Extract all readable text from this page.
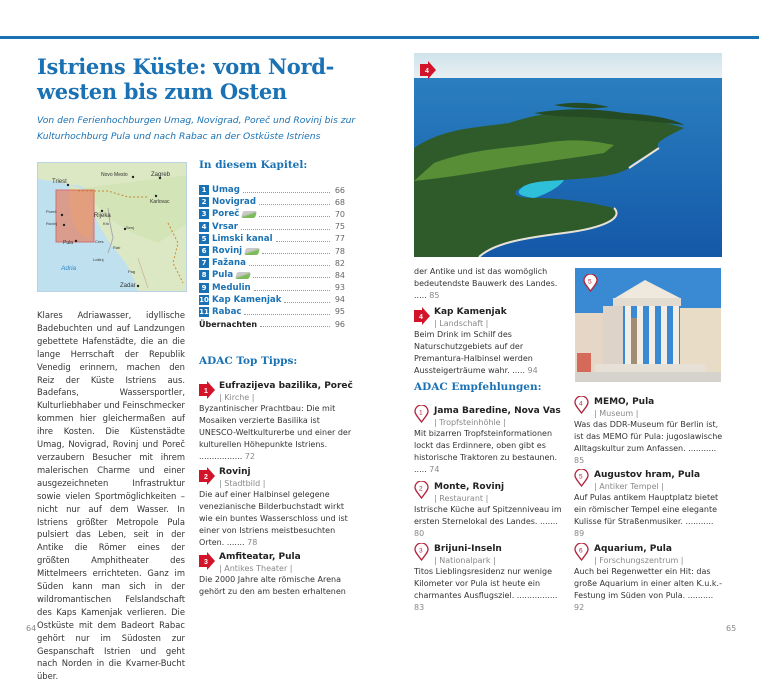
Istriens Küste: vom Nord-
westen bis zum Osten

Von den Ferienhochburgen Umag, Novigrad, Poreč und Rovinj bis zur Kulturhochburg Pula und nach Rabac an der Ostküste Istriens

Triest
Novo Mesto	Zagreb
Karlovac
Poreč
Rijeka
Rovinj	Krk
Senj
Pula	Cres
Rab
Lošinj
Adria	Pag
Zadar

Klares Adriawasser, idyllische Badebuchten und auf Landzungen gebettete Hafenstädte, die an die lange Herrschaft der Republik Venedig erinnern, machen den Reiz der Küste Istriens aus. Badefans, Wassersportler, Kulturliebhaber und Feinschmecker kommen hier gleichermaßen auf ihre Kosten. Die Küstenstädte Umag, Novigrad, Rovinj und Poreč verzaubern Besucher mit ihrem malerischen Charme und einer ausgezeichneten Infrastruktur sowie vielen Sportmöglichkeiten – nicht nur auf dem Wasser. In Istriens größter Metropole Pula pulsiert das Leben, seit in der Antike die Römer eines der größten Amphitheater des Mittelmeers errichteten. Ganz im Süden kann man sich in der wildromantischen Felslandschaft des Kaps Kamenjak verlieren. Die Ostküste mit dem Badeort Rabac gehört nur im Südosten zur Gespanschaft Istrien und geht nach Norden in die Kvarner-Bucht über.

In diesem Kapitel:
1 Umag	66
2 Novigrad	68
3 Poreč	70
4 Vrsar	75
5 Limski kanal	77
6 Rovinj	78
7 Fažana	82
8 Pula	84
9 Medulin	93
10 Kap Kamenjak	94
11 Rabac	95
Übernachten	96
ADAC Top Tipps:
1
Eufrazijeva bazilika, Poreč
| Kirche |
Byzantinischer Prachtbau: Die mit Mosaiken verzierte Basilika ist UNESCO-Weltkulturerbe und einer der kulturellen Höhepunkte Istriens. ................. 72
2
Rovinj
| Stadtbild |
Die auf einer Halbinsel gelegene venezianische Bilderbuchstadt wirkt wie ein buntes Wasserschloss und ist einer von Istriens meistbesuchten Orten. ....... 78
3
Amfiteatar, Pula
| Antikes Theater |
Die 2000 Jahre alte römische Arena gehört zu den am besten erhaltenen
4
der Antike und ist das womöglich bedeutendste Bauwerk des Landes. ..... 85
4
Kap Kamenjak
| Landschaft |
Beim Drink im Schilf des Naturschutzgebiets auf der Premantura-Halbinsel werden Aussteigerträume wahr. ..... 94
5
ADAC Empfehlungen:
1 Jama Baredine, Nova Vas
| Tropfsteinhöhle |
Mit bizarren Tropfsteinformationen lockt das Erdinnere, oben gibt es historische Traktoren zu bestaunen. ..... 74
2 Monte, Rovinj
| Restaurant |
Istrische Küche auf Spitzenniveau im ersten Sternelokal des Landes. ....... 80
3 Brijuni-Inseln
| Nationalpark |
Titos Lieblingsresidenz nur wenige Kilometer vor Pula ist heute ein charmantes Ausflugsziel. ................ 83
4 MEMO, Pula
| Museum |
Was das DDR-Museum für Berlin ist, ist das MEMO für Pula: jugoslawische Alltagskultur zum Anfassen. ........... 85
5 Augustov hram, Pula
| Antiker Tempel |
Auf Pulas antikem Hauptplatz bietet ein römischer Tempel eine elegante Kulisse für Straßenmusiker. ........... 89
6 Aquarium, Pula
| Forschungszentrum |
Auch bei Regenwetter ein Hit: das große Aquarium in einer alten K.u.k.-Festung im Süden von Pula. .......... 92
64	65
